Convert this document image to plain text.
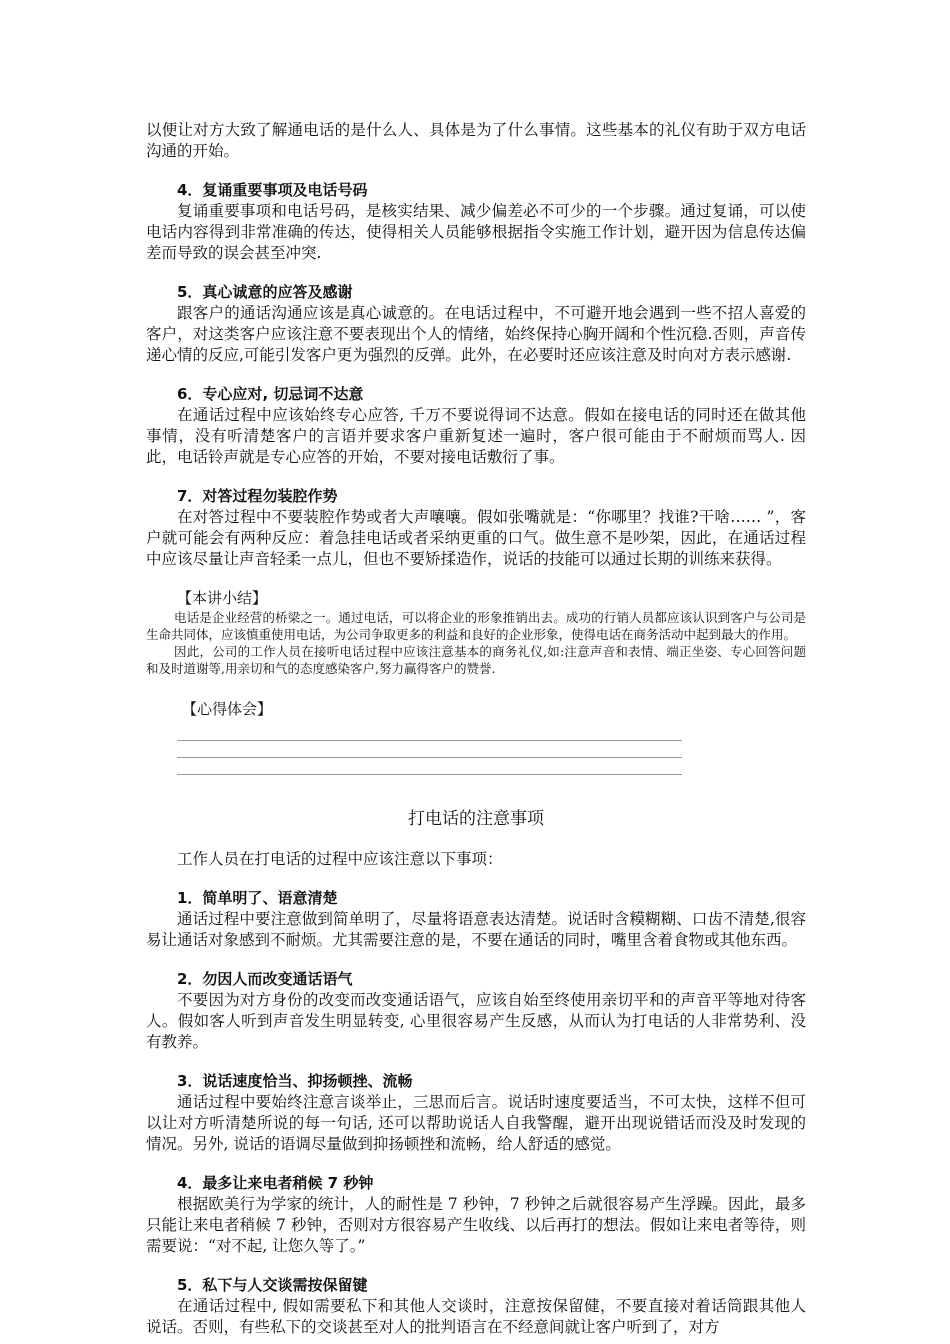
以便让对方大致了解通电话的是什么人、具体是为了什么事情。这些基本的礼仪有助于双方电话沟通的开始。

4．复诵重要事项及电话号码

复诵重要事项和电话号码，是核实结果、减少偏差必不可少的一个步骤。通过复诵，可以使电话内容得到非常准确的传达，使得相关人员能够根据指令实施工作计划，避开因为信息传达偏差而导致的误会甚至冲突.

5．真心诚意的应答及感谢

跟客户的通话沟通应该是真心诚意的。在电话过程中，不可避开地会遇到一些不招人喜爱的客户，对这类客户应该注意不要表现出个人的情绪，始终保持心胸开阔和个性沉稳.否则，声音传递心情的反应,可能引发客户更为强烈的反弹。此外，在必要时还应该注意及时向对方表示感谢.

6．专心应对, 切忌词不达意

在通话过程中应该始终专心应答, 千万不要说得词不达意。假如在接电话的同时还在做其他事情，没有听清楚客户的言语并要求客户重新复述一遍时，客户很可能由于不耐烦而骂人. 因此，电话铃声就是专心应答的开始，不要对接电话敷衍了事。

7．对答过程勿装腔作势

在对答过程中不要装腔作势或者大声嚷嚷。假如张嘴就是：“你哪里？找谁?干啥…… ”，客户就可能会有两种反应：着急挂电话或者采纳更重的口气。做生意不是吵架，因此，在通话过程中应该尽量让声音轻柔一点儿，但也不要矫揉造作，说话的技能可以通过长期的训练来获得。

【本讲小结】

电话是企业经营的桥梁之一。通过电话，可以将企业的形象推销出去。成功的行销人员都应该认识到客户与公司是生命共同体，应该慎重使用电话，为公司争取更多的利益和良好的企业形象，使得电话在商务活动中起到最大的作用。

因此，公司的工作人员在接听电话过程中应该注意基本的商务礼仪,如:注意声音和表情、端正坐姿、专心回答问题和及时道谢等,用亲切和气的态度感染客户,努力赢得客户的赞誉.

【心得体会】

打电话的注意事项

工作人员在打电话的过程中应该注意以下事项：

1．简单明了、语意清楚

通话过程中要注意做到简单明了，尽量将语意表达清楚。说话时含糢糊糊、口齿不清楚,很容易让通话对象感到不耐烦。尤其需要注意的是，不要在通话的同时，嘴里含着食物或其他东西。

2．勿因人而改变通话语气

不要因为对方身份的改变而改变通话语气，应该自始至终使用亲切平和的声音平等地对待客人。假如客人听到声音发生明显转变, 心里很容易产生反感，从而认为打电话的人非常势利、没有教养。

3．说话速度恰当、抑扬顿挫、流畅

通话过程中要始终注意言谈举止，三思而后言。说话时速度要适当，不可太快，这样不但可以让对方听清楚所说的每一句话, 还可以帮助说话人自我警醒，避开出现说错话而没及时发现的情况。另外, 说话的语调尽量做到抑扬顿挫和流畅，给人舒适的感觉。

4．最多让来电者稍候 7 秒钟

根据欧美行为学家的统计，人的耐性是 7 秒钟，7 秒钟之后就很容易产生浮躁。因此，最多只能让来电者稍候 7 秒钟，否则对方很容易产生收线、以后再打的想法。假如让来电者等待，则需要说：“对不起, 让您久等了。”

5．私下与人交谈需按保留键

在通话过程中, 假如需要私下和其他人交谈时，注意按保留健，不要直接对着话筒跟其他人说话。否则，有些私下的交谈甚至对人的批判语言在不经意间就让客户听到了，对方
